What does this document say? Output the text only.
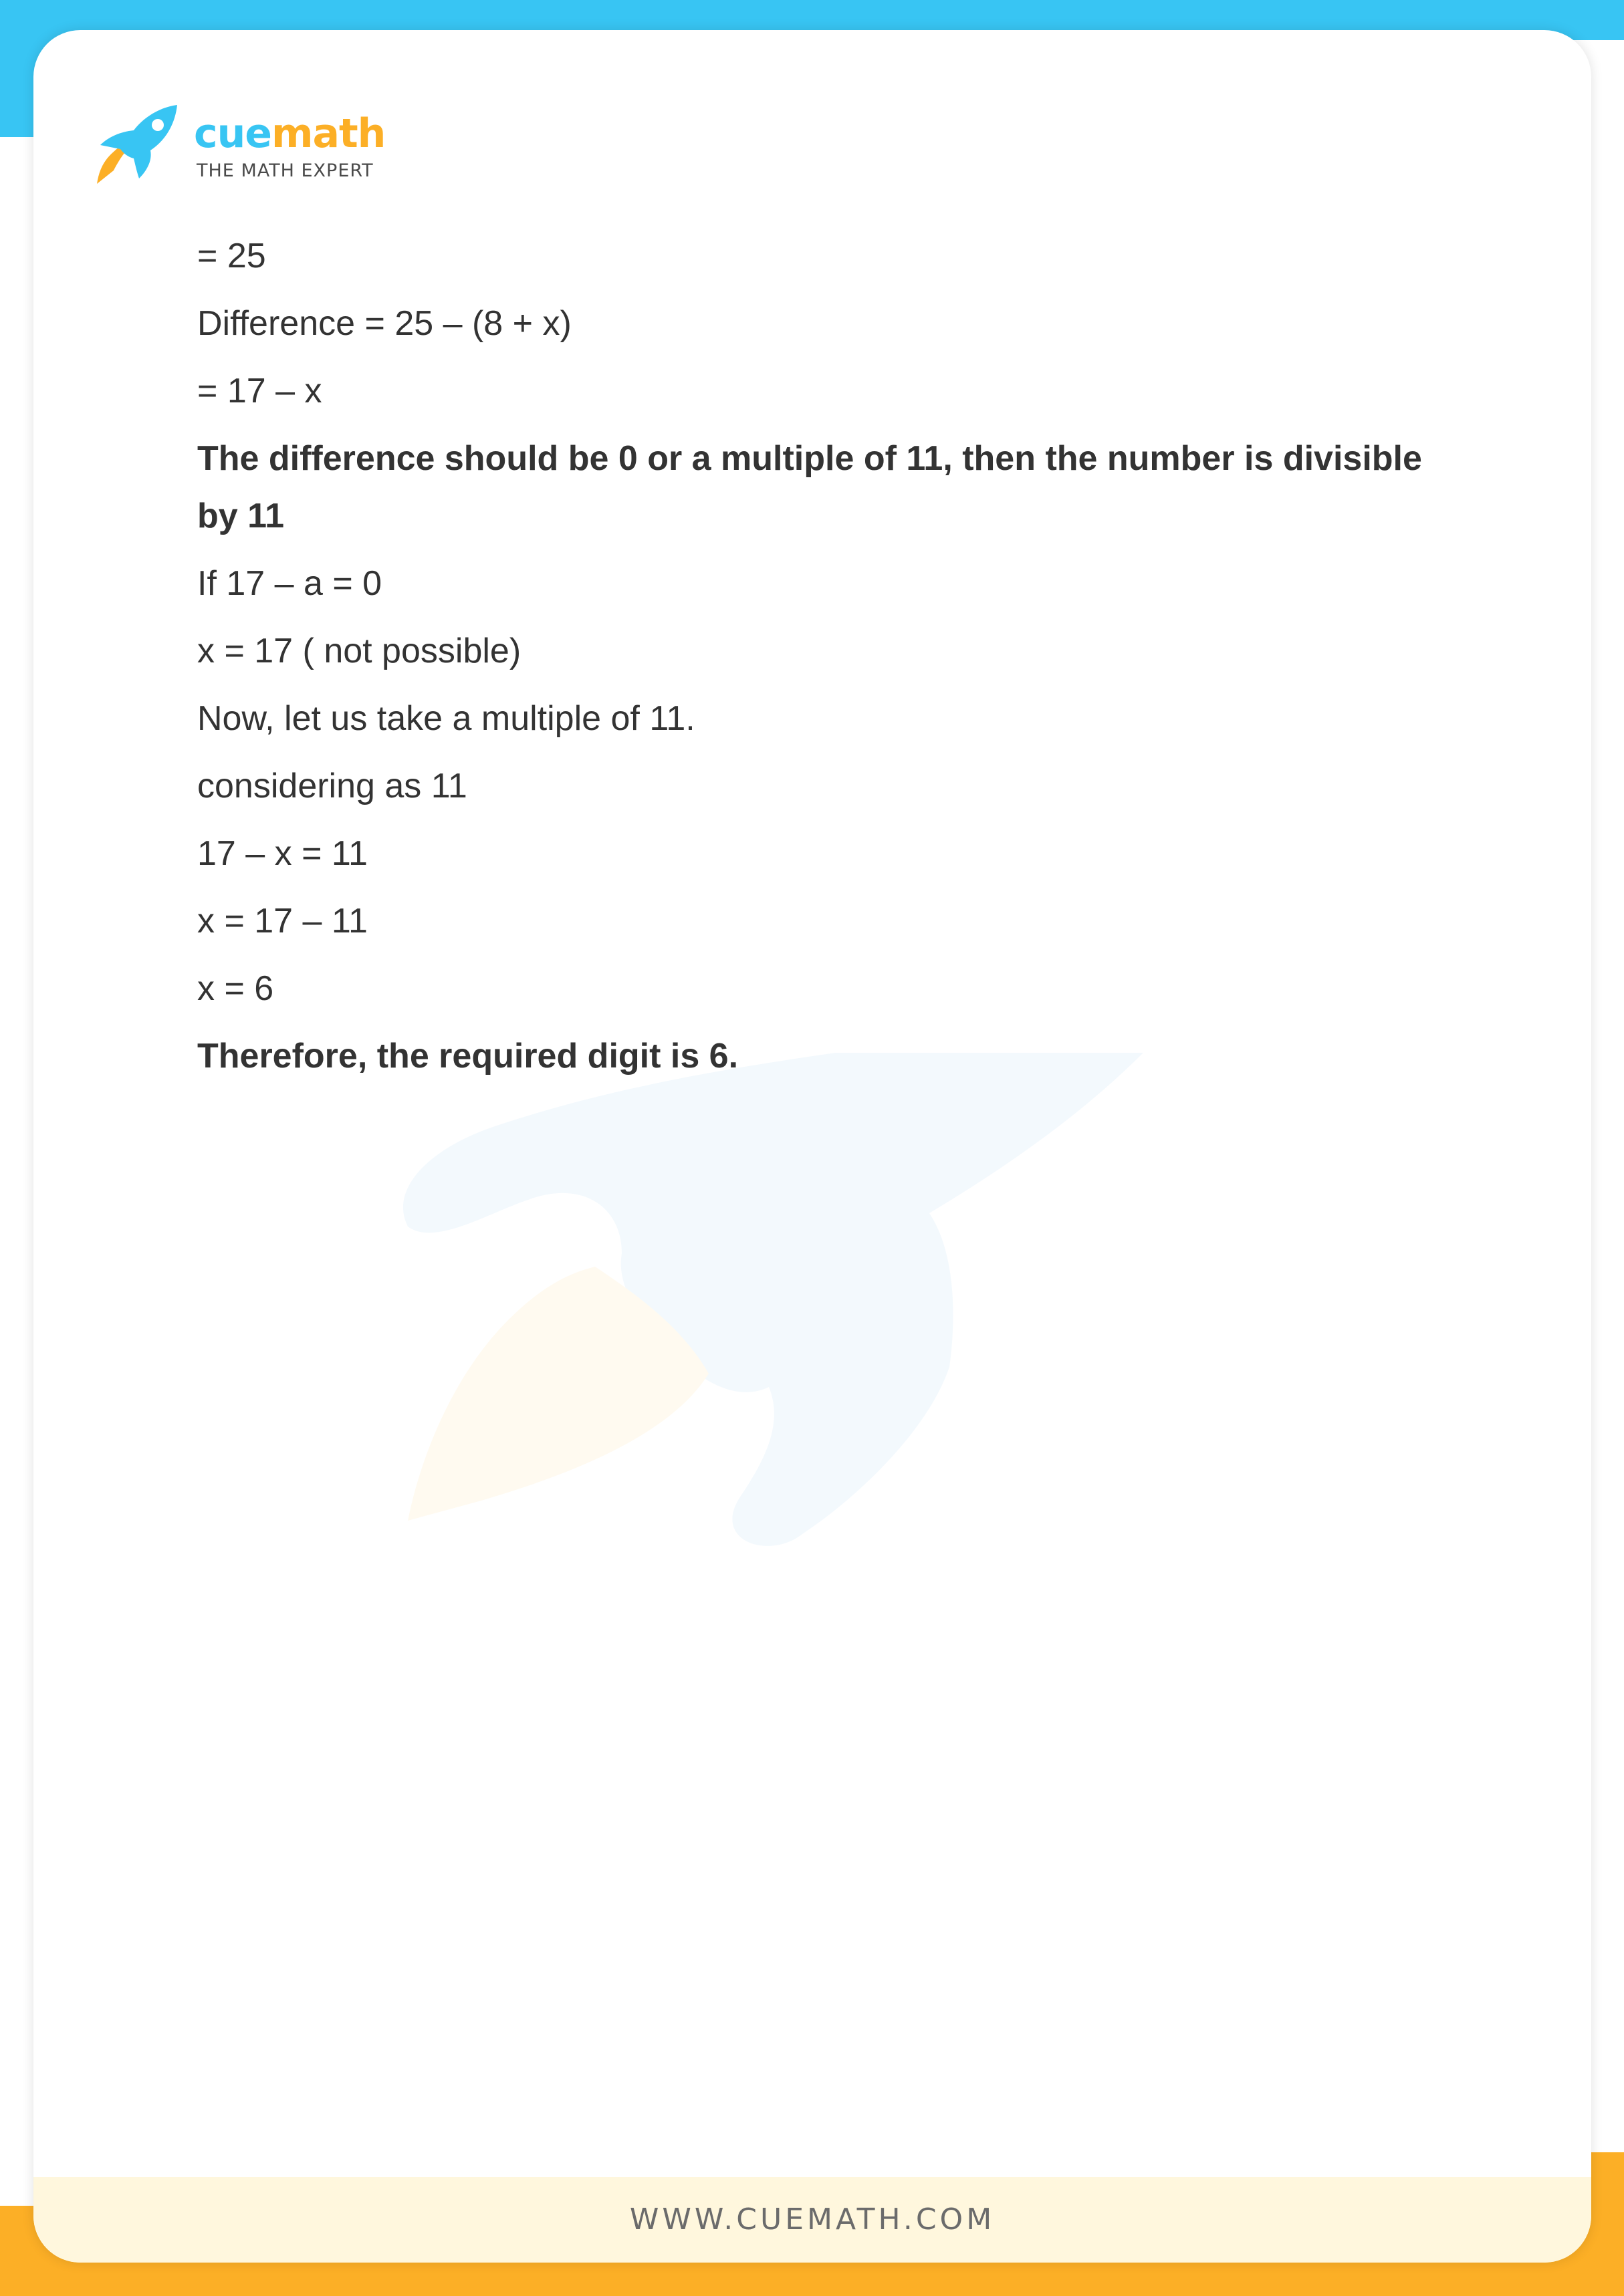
cuemath
THE MATH EXPERT

= 25

Difference = 25 – (8 + x)

= 17 – x

The difference should be 0 or a multiple of 11, then the number is divisible by 11

If 17 – a = 0

x = 17 ( not possible)

Now, let us take a multiple of 11.

considering as 11

17 – x = 11

x = 17 – 11

x = 6

Therefore, the required digit is 6.

WWW.CUEMATH.COM
